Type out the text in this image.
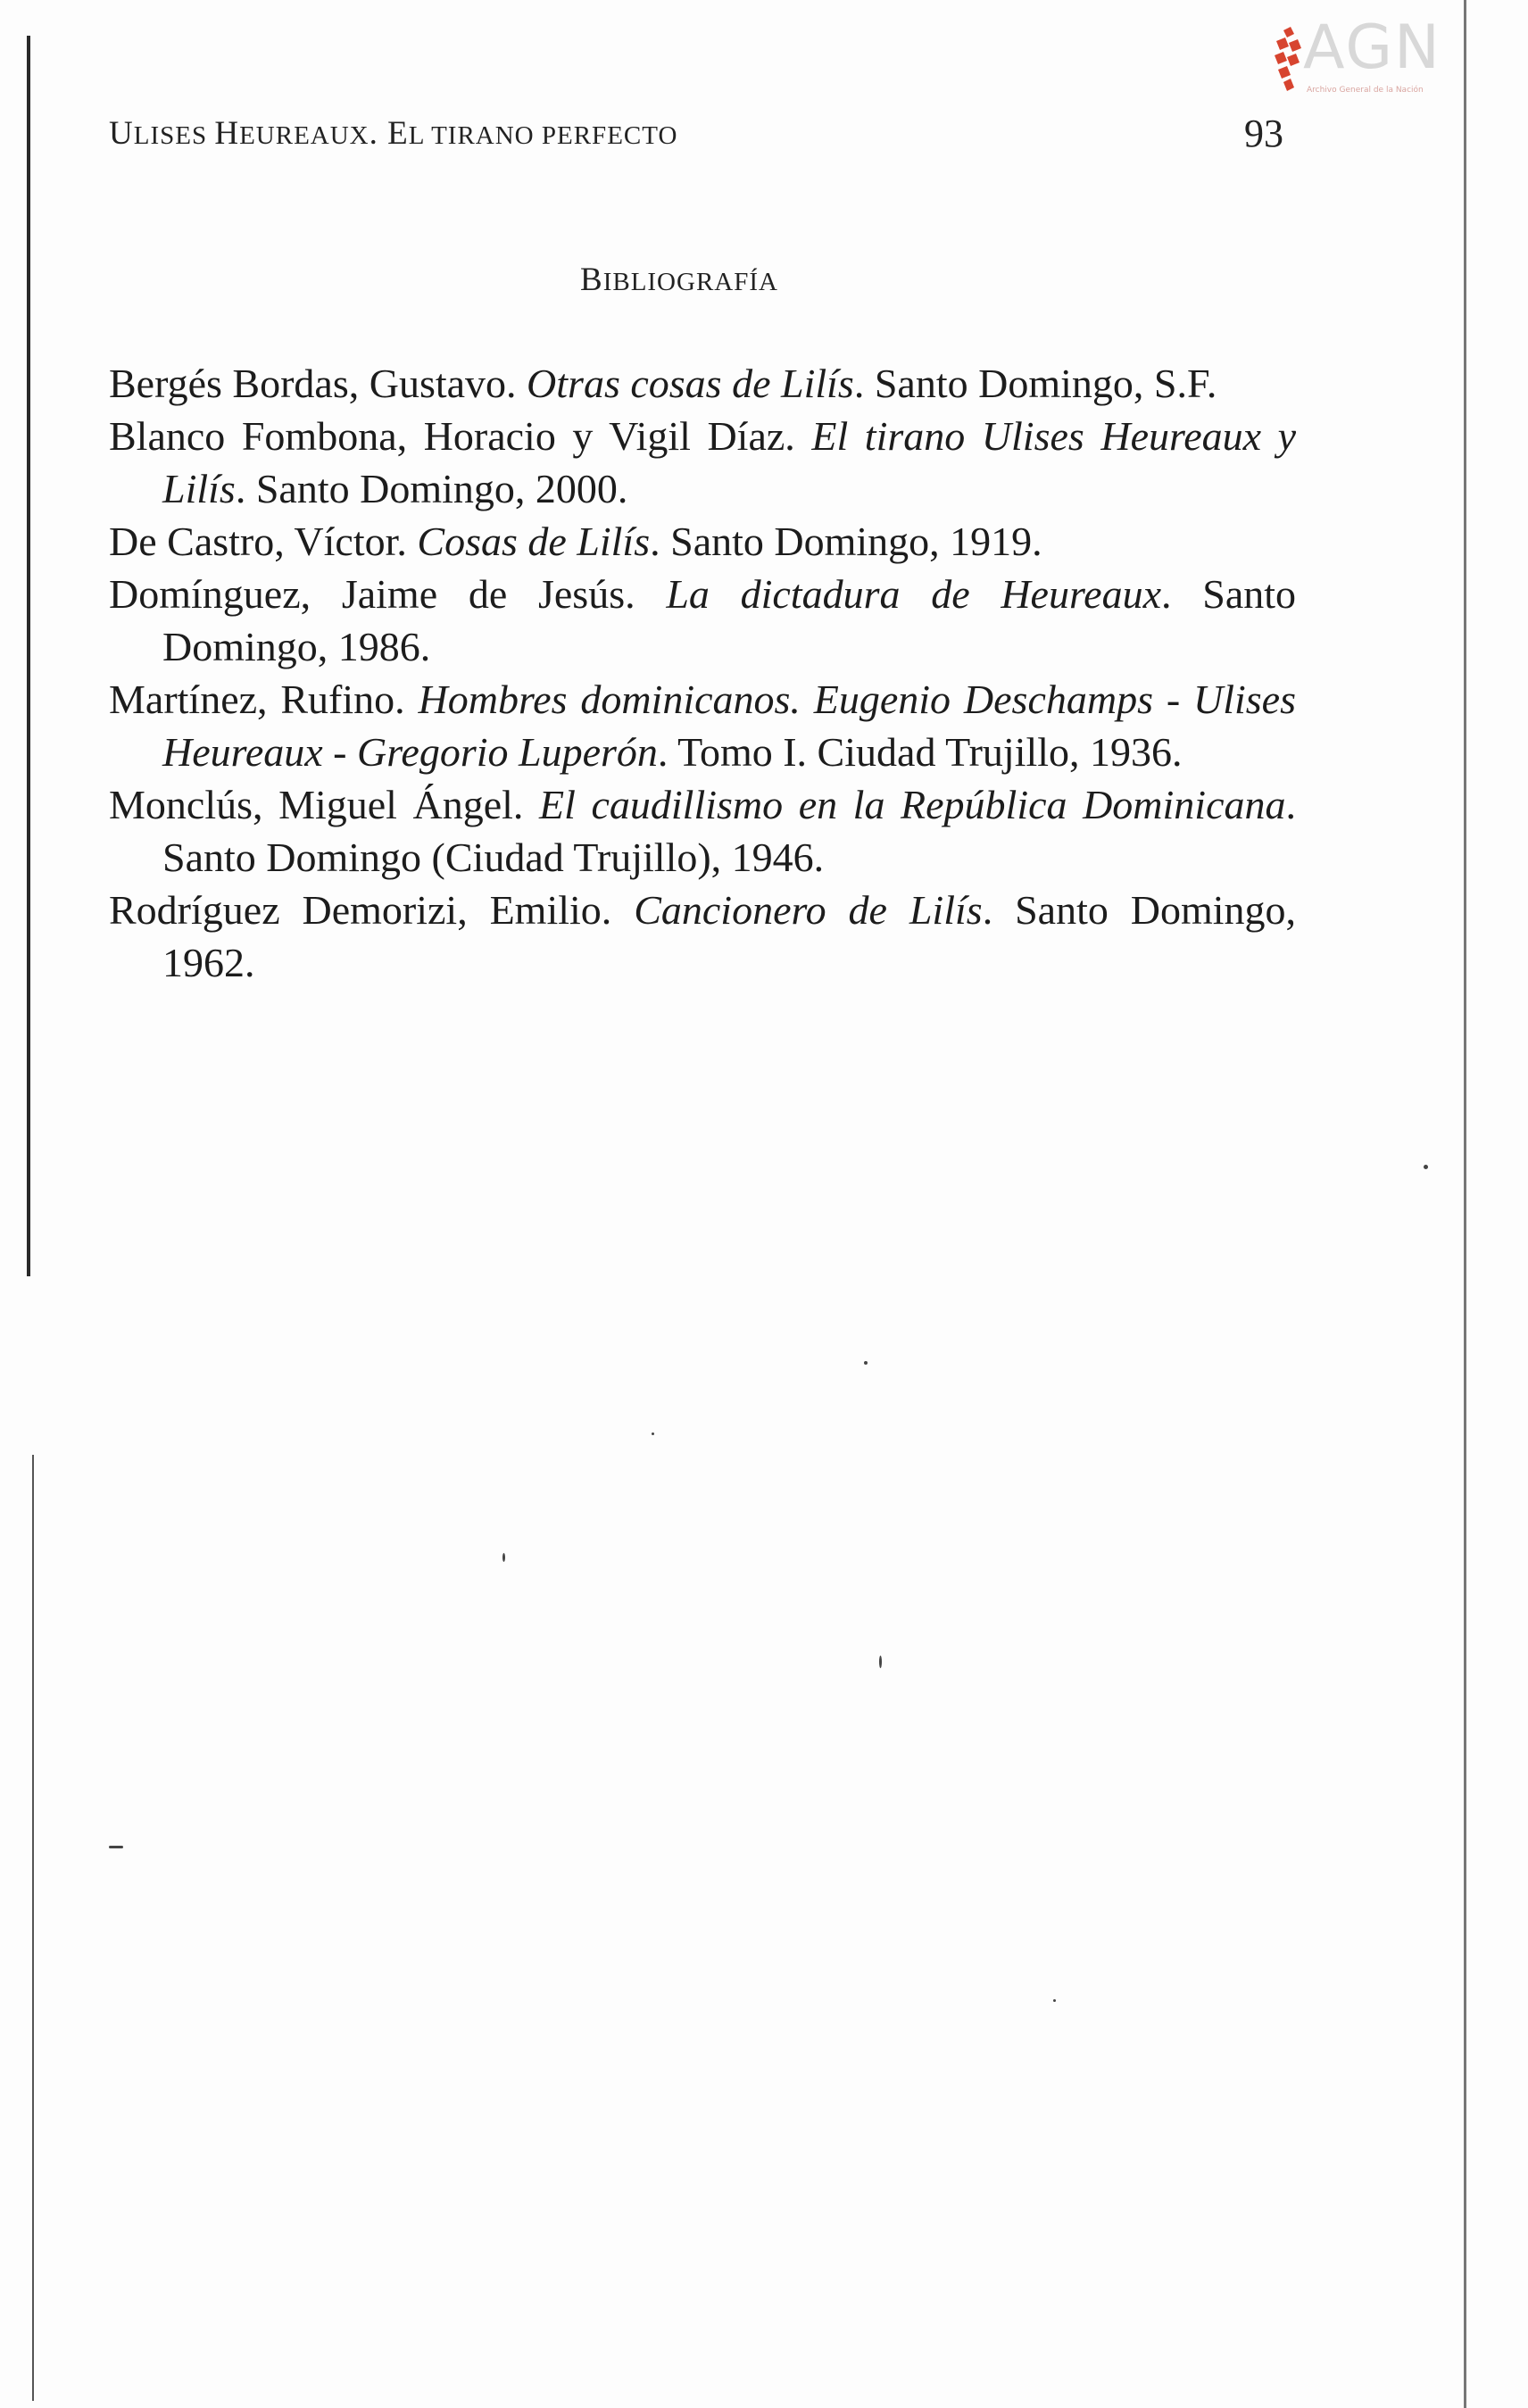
AGN
Archivo General de la Nación
ULISES HEUREAUX. EL TIRANO PERFECTO	93
BIBLIOGRAFÍA
Bergés Bordas, Gustavo. Otras cosas de Lilís. Santo Domingo, S.F.
Blanco Fombona, Horacio y Vigil Díaz. El tirano Ulises Heureaux y Lilís. Santo Domingo, 2000.
De Castro, Víctor. Cosas de Lilís. Santo Domingo, 1919.
Domínguez, Jaime de Jesús. La dictadura de Heureaux. Santo Domingo, 1986.
Martínez, Rufino. Hombres dominicanos. Eugenio Deschamps - Ulises Heureaux - Gregorio Luperón. Tomo I. Ciudad Trujillo, 1936.
Monclús, Miguel Ángel. El caudillismo en la República Dominicana. Santo Domingo (Ciudad Trujillo), 1946.
Rodríguez Demorizi, Emilio. Cancionero de Lilís. Santo Domingo, 1962.
